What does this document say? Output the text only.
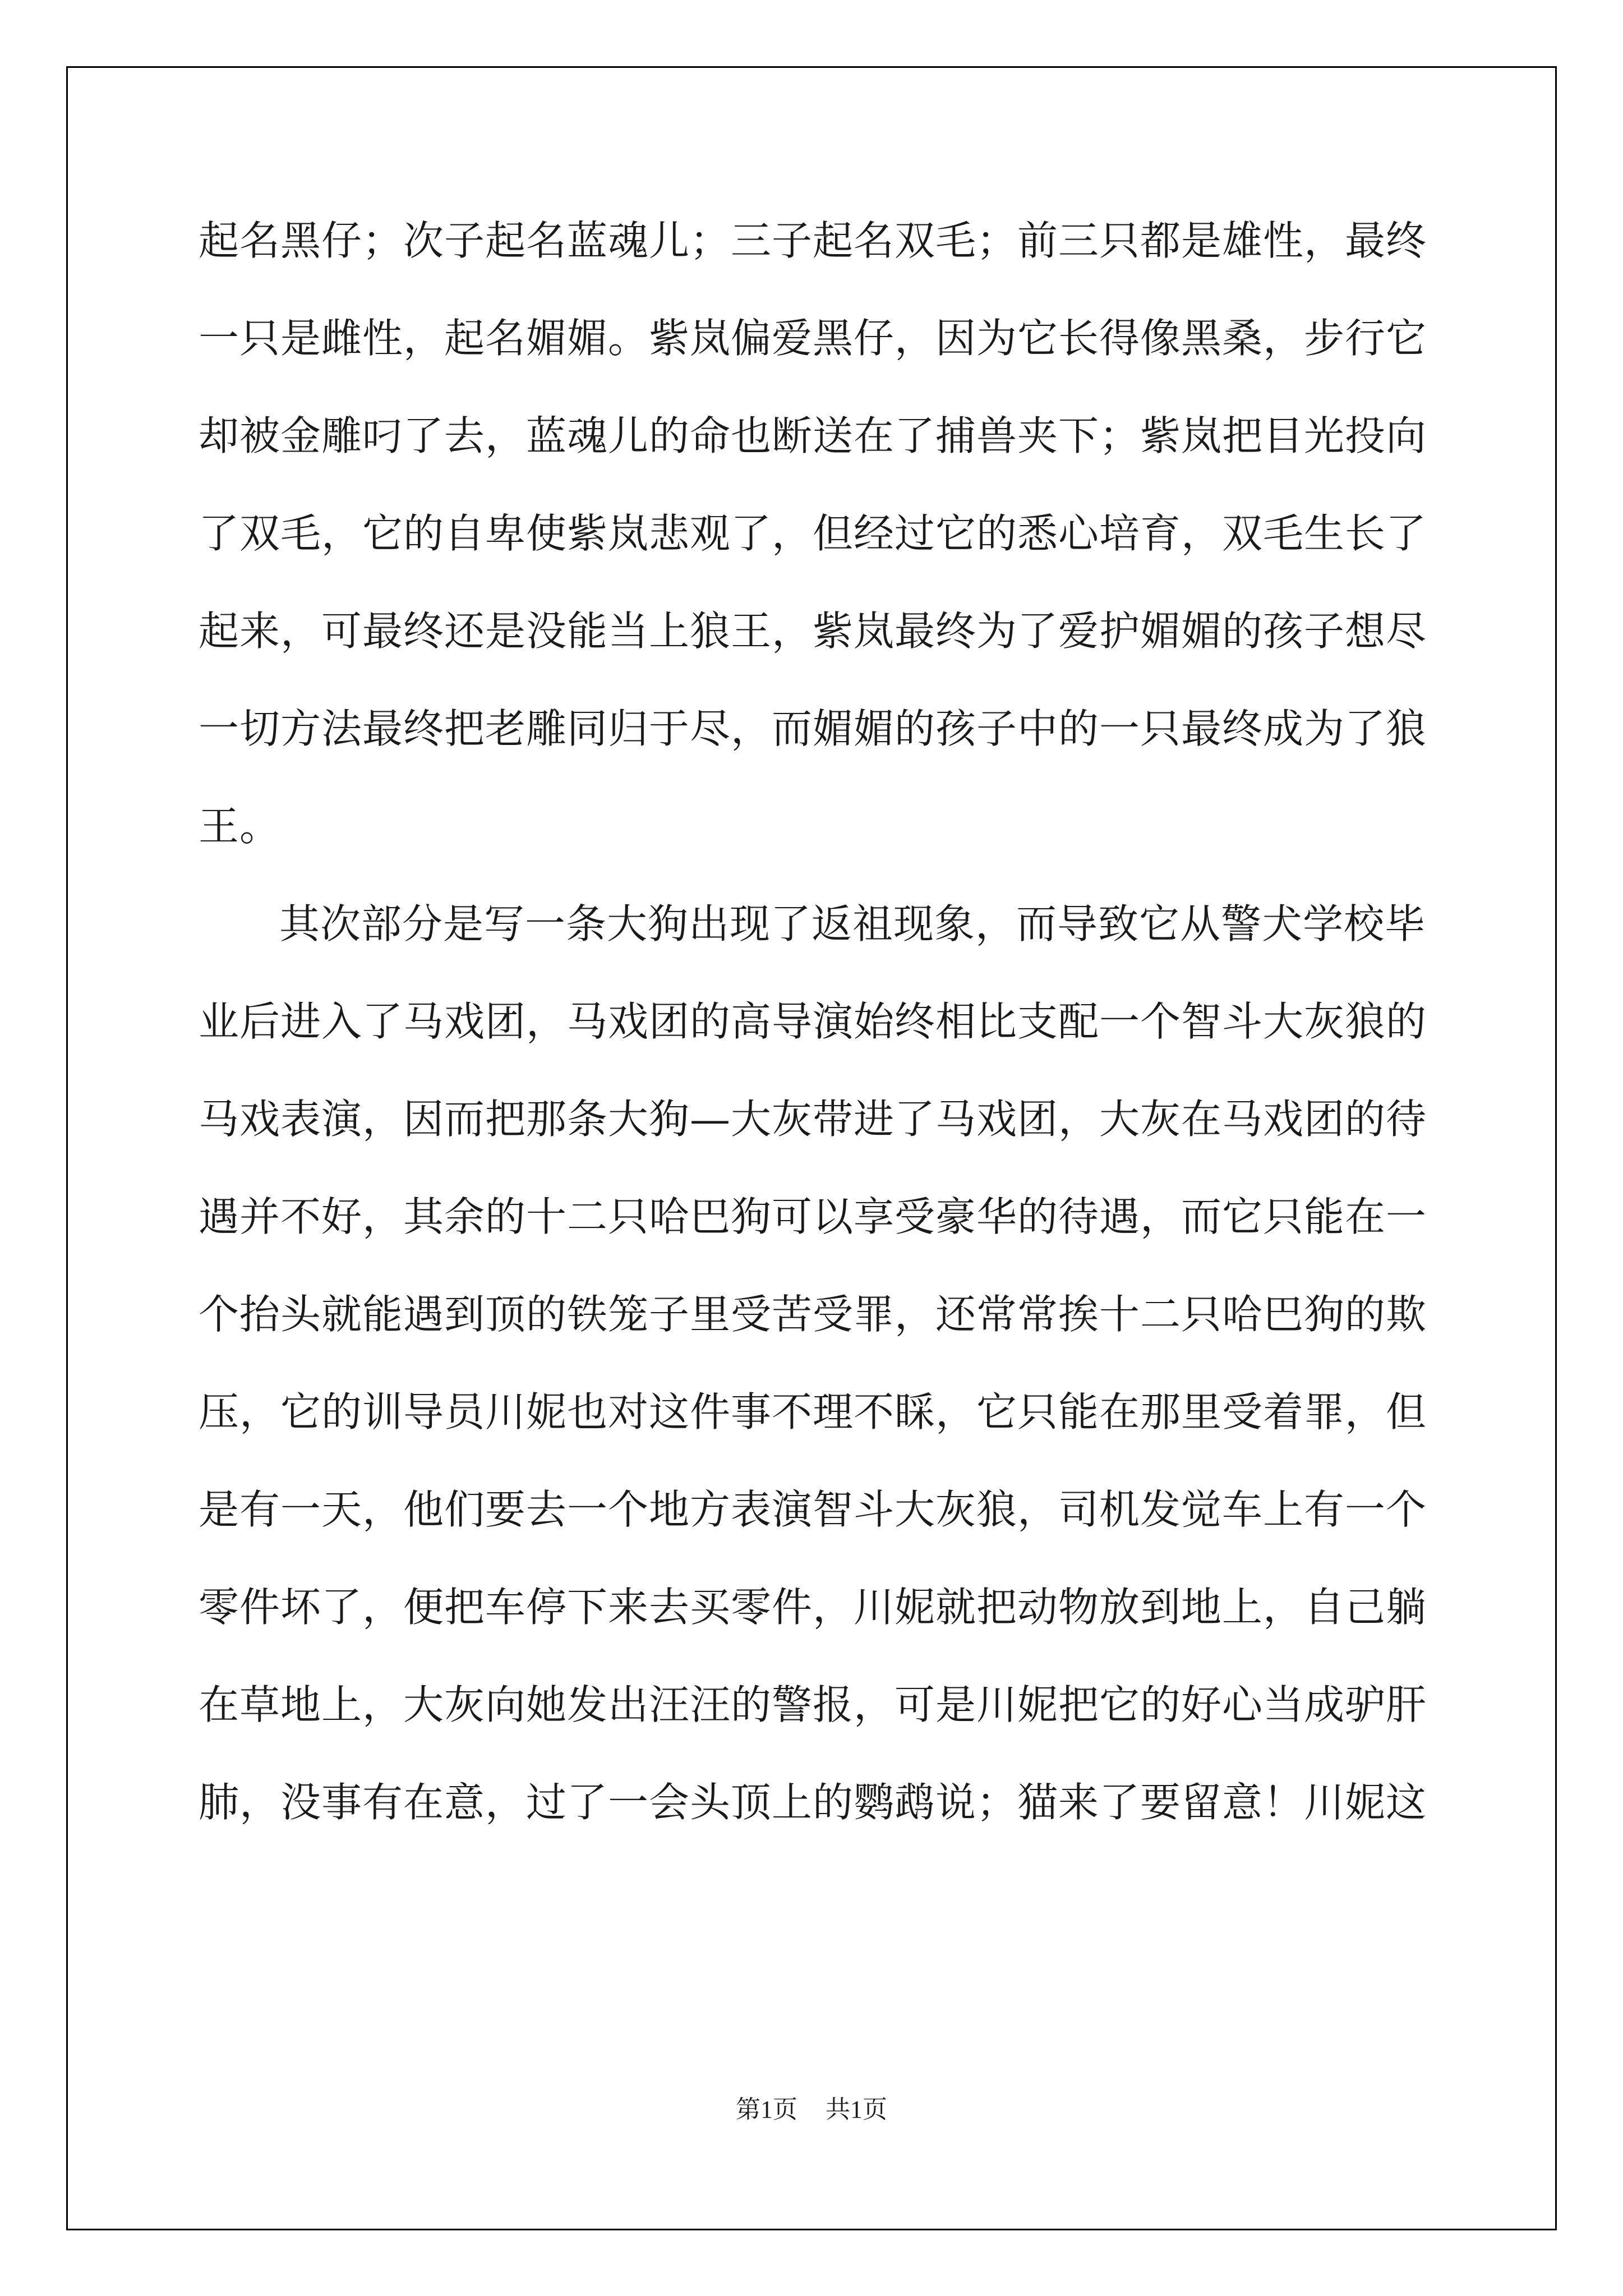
起名黑仔；次子起名蓝魂儿；三子起名双毛；前三只都是雄性，最终
一只是雌性，起名媚媚。紫岚偏爱黑仔，因为它长得像黑桑，步行它
却被金雕叼了去，蓝魂儿的命也断送在了捕兽夹下；紫岚把目光投向
了双毛，它的自卑使紫岚悲观了，但经过它的悉心培育，双毛生长了
起来，可最终还是没能当上狼王，紫岚最终为了爱护媚媚的孩子想尽
一切方法最终把老雕同归于尽，而媚媚的孩子中的一只最终成为了狼
王。
其次部分是写一条大狗出现了返祖现象，而导致它从警犬学校毕
业后进入了马戏团，马戏团的高导演始终相比支配一个智斗大灰狼的
马戏表演，因而把那条大狗—大灰带进了马戏团，大灰在马戏团的待
遇并不好，其余的十二只哈巴狗可以享受豪华的待遇，而它只能在一
个抬头就能遇到顶的铁笼子里受苦受罪，还常常挨十二只哈巴狗的欺
压，它的训导员川妮也对这件事不理不睬，它只能在那里受着罪，但
是有一天，他们要去一个地方表演智斗大灰狼，司机发觉车上有一个
零件坏了，便把车停下来去买零件，川妮就把动物放到地上，自己躺
在草地上，大灰向她发出汪汪的警报，可是川妮把它的好心当成驴肝
肺，没事有在意，过了一会头顶上的鹦鹉说；猫来了要留意！川妮这
第1页 共1页
